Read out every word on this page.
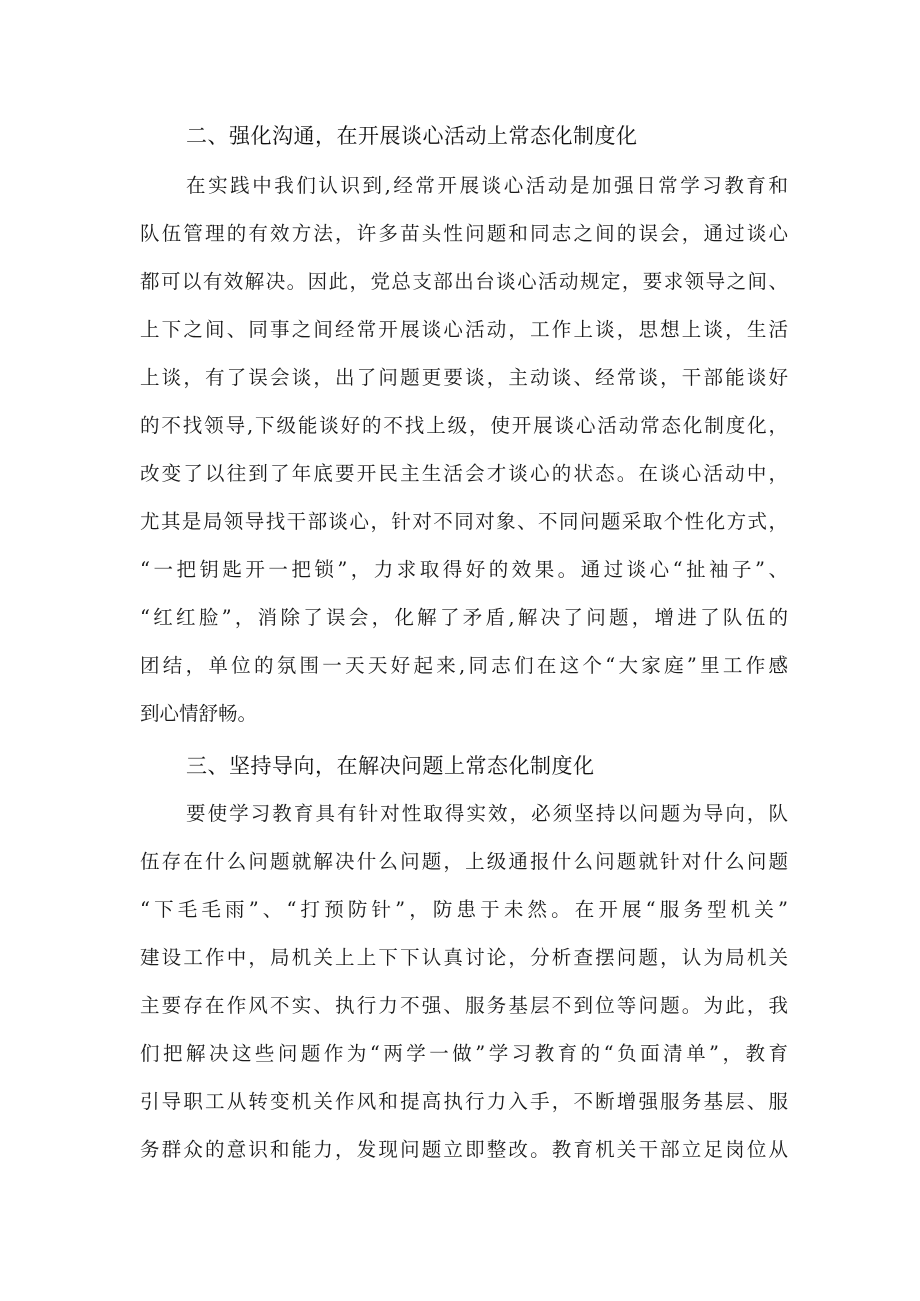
二、强化沟通，在开展谈心活动上常态化制度化
在实践中我们认识到,经常开展谈心活动是加强日常学习教育和
队伍管理的有效方法，许多苗头性问题和同志之间的误会，通过谈心
都可以有效解决。因此，党总支部出台谈心活动规定，要求领导之间、
上下之间、同事之间经常开展谈心活动，工作上谈，思想上谈，生活
上谈，有了误会谈，出了问题更要谈，主动谈、经常谈，干部能谈好
的不找领导,下级能谈好的不找上级，使开展谈心活动常态化制度化，
改变了以往到了年底要开民主生活会才谈心的状态。在谈心活动中，
尤其是局领导找干部谈心，针对不同对象、不同问题采取个性化方式，
“一把钥匙开一把锁”，力求取得好的效果。通过谈心“扯袖子”、
“红红脸”，消除了误会，化解了矛盾,解决了问题，增进了队伍的
团结，单位的氛围一天天好起来,同志们在这个“大家庭”里工作感
到心情舒畅。
三、坚持导向，在解决问题上常态化制度化
要使学习教育具有针对性取得实效，必须坚持以问题为导向，队
伍存在什么问题就解决什么问题，上级通报什么问题就针对什么问题
“下毛毛雨”、“打预防针”，防患于未然。在开展“服务型机关”
建设工作中，局机关上上下下认真讨论，分析查摆问题，认为局机关
主要存在作风不实、执行力不强、服务基层不到位等问题。为此，我
们把解决这些问题作为“两学一做”学习教育的“负面清单”，教育
引导职工从转变机关作风和提高执行力入手，不断增强服务基层、服
务群众的意识和能力，发现问题立即整改。教育机关干部立足岗位从
